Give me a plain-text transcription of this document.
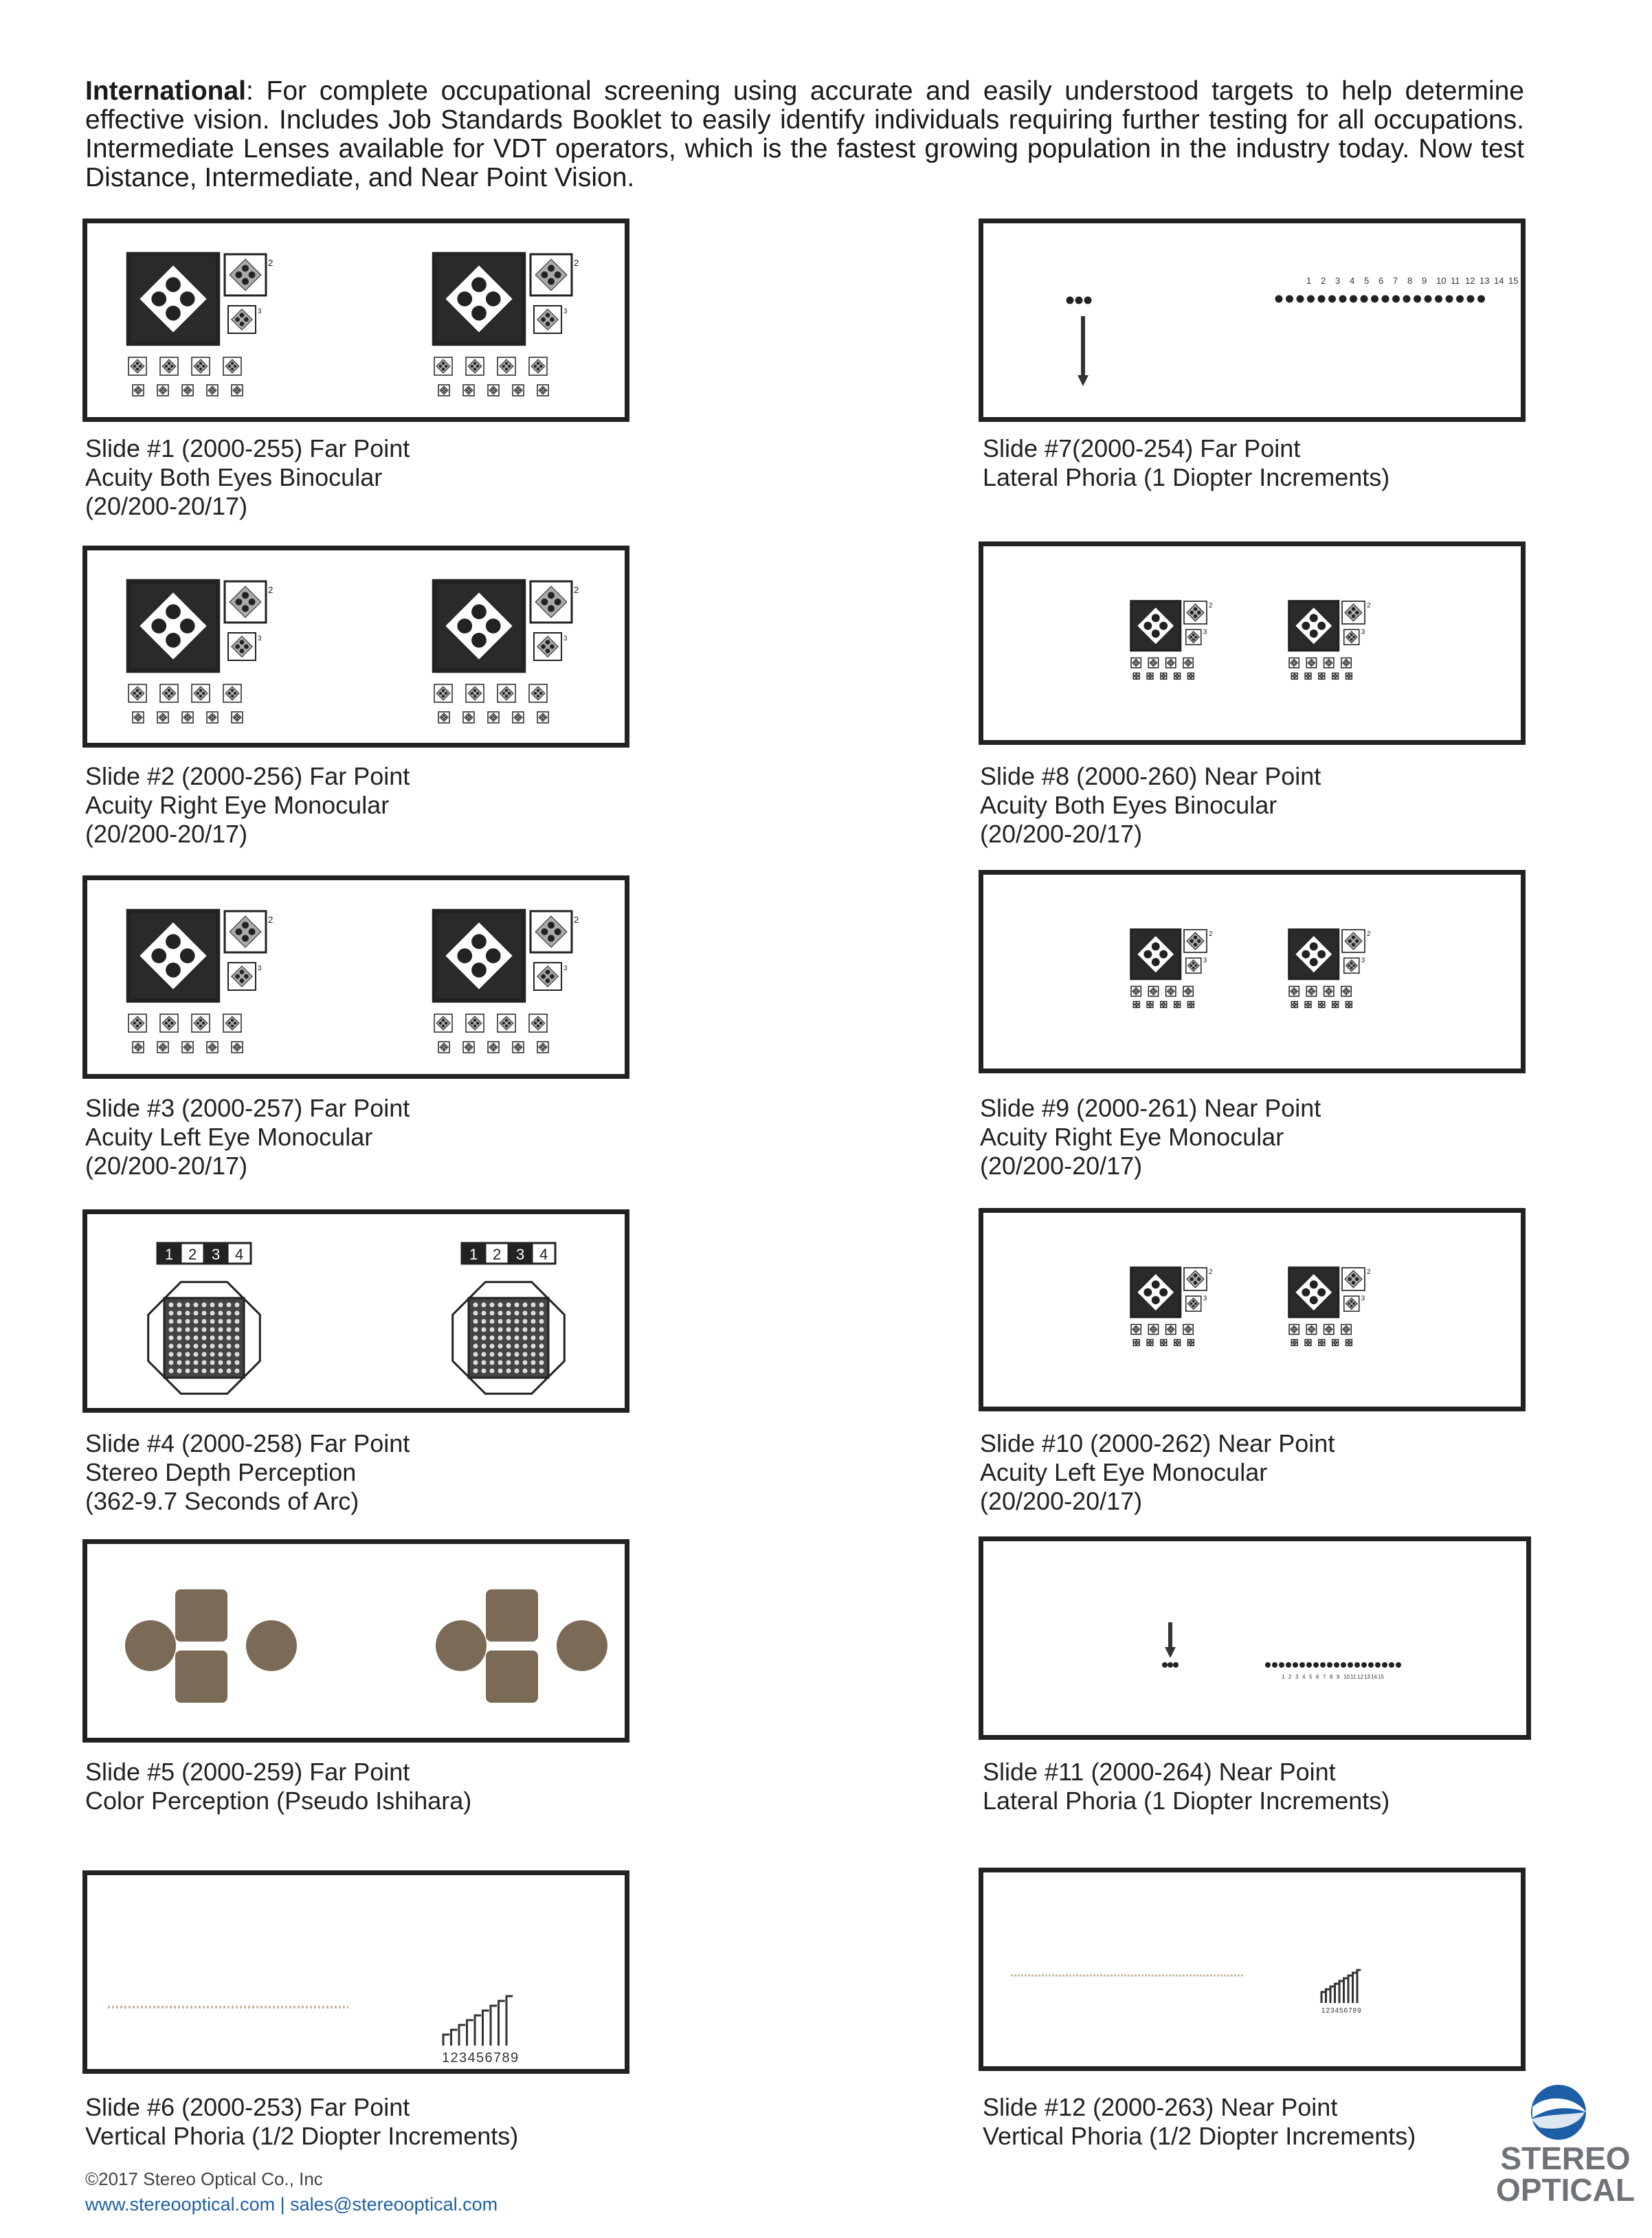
International: For complete occupational screening using accurate and easily understood targets to help determine effective vision. Includes Job Standards Booklet to easily identify individuals requiring further testing for all occupations. Intermediate Lenses available for VDT operators, which is the fastest growing population in the industry today. Now test Distance, Intermediate, and Near Point Vision.
2
3
2
3
Slide #1 (2000-255) Far Point
Acuity Both Eyes Binocular
(20/200-20/17)
2
3
2
3
Slide #2 (2000-256) Far Point
Acuity Right Eye Monocular
(20/200-20/17)
2
3
2
3
Slide #3 (2000-257) Far Point
Acuity Left Eye Monocular
(20/200-20/17)
1 2 3 4	1 2 3 4
Slide #4 (2000-258) Far Point
Stereo Depth Perception
(362-9.7 Seconds of Arc)
Slide #5 (2000-259) Far Point
Color Perception (Pseudo Ishihara)
1 2 3 4 5 6 7 8 9
Slide #6 (2000-253) Far Point
Vertical Phoria (1/2 Diopter Increments)
1 2 3 4 5 6 7 8 9 10 11 12 13 14 15
Slide #7(2000-254) Far Point
Lateral Phoria (1 Diopter Increments)
2
3
2
3
Slide #8 (2000-260) Near Point
Acuity Both Eyes Binocular
(20/200-20/17)
2
3
2
3
Slide #9 (2000-261) Near Point
Acuity Right Eye Monocular
(20/200-20/17)
2
3
2
3
Slide #10 (2000-262) Near Point
Acuity Left Eye Monocular
(20/200-20/17)
1 2 3 4 5 6 7 8 9 10 11 12 13 14 15
Slide #11 (2000-264) Near Point
Lateral Phoria (1 Diopter Increments)
1 2 3 4 5 6 7 8 9
Slide #12 (2000-263) Near Point
Vertical Phoria (1/2 Diopter Increments)
©2017 Stereo Optical Co., Inc
www.stereooptical.com | sales@stereooptical.com
STEREO
OPTICAL
